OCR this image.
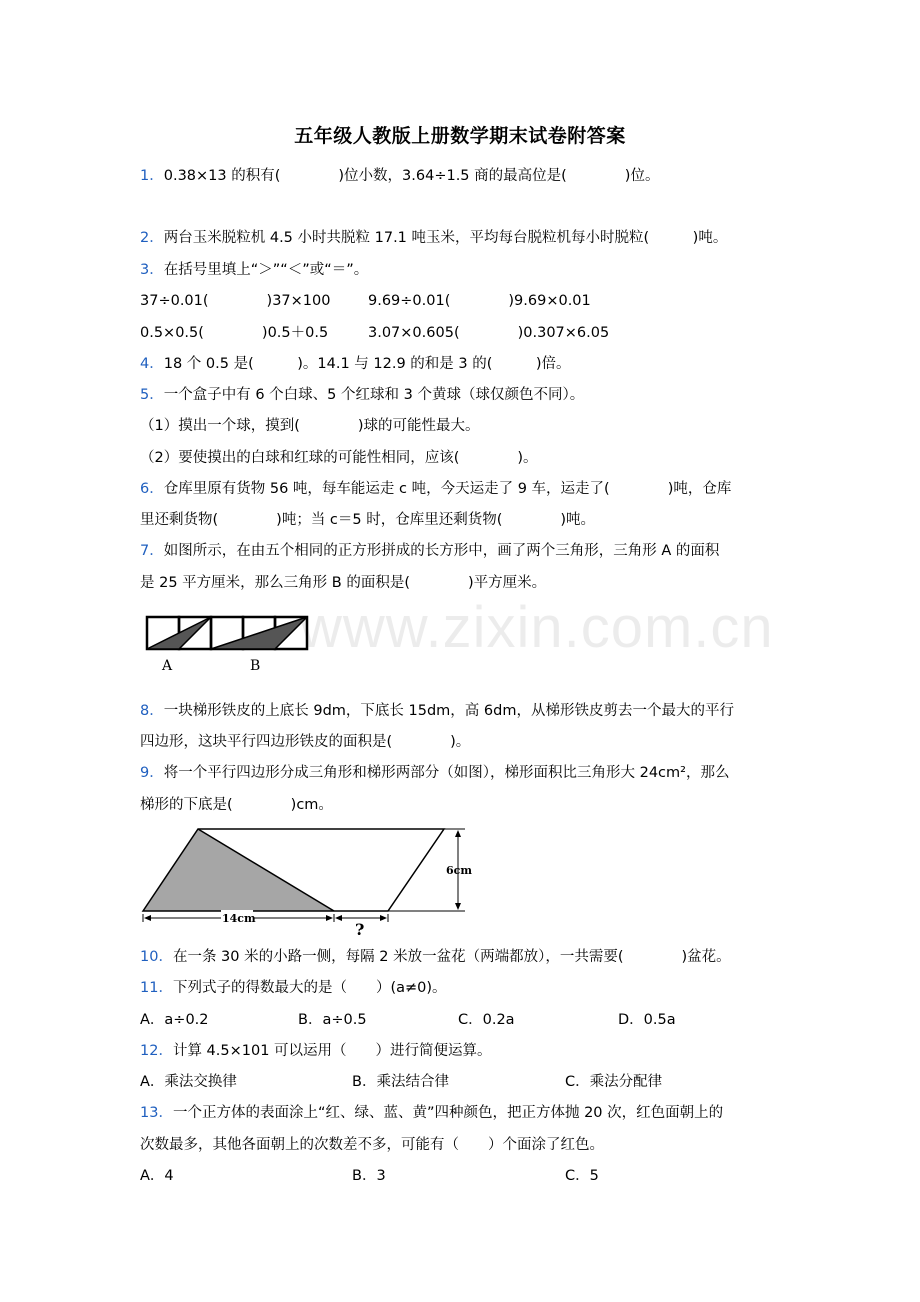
www.zixin.com.cn
五年级人教版上册数学期末试卷附答案
1．0.38×13 的积有(　　　　)位小数，3.64÷1.5 商的最高位是(　　　　)位。
2．两台玉米脱粒机 4.5 小时共脱粒 17.1 吨玉米，平均每台脱粒机每小时脱粒(　　　)吨。
3．在括号里填上“＞”“＜”或“＝”。
37÷0.01(　　　　)37×100	9.69÷0.01(　　　　)9.69×0.01
0.5×0.5(　　　　)0.5＋0.5	3.07×0.605(　　　　)0.307×6.05
4．18 个 0.5 是(　　　)。14.1 与 12.9 的和是 3 的(　　　)倍。
5．一个盒子中有 6 个白球、5 个红球和 3 个黄球（球仅颜色不同）。
（1）摸出一个球，摸到(　　　　)球的可能性最大。
（2）要使摸出的白球和红球的可能性相同，应该(　　　　)。
6．仓库里原有货物 56 吨，每车能运走 c 吨，今天运走了 9 车，运走了(　　　　)吨，仓库
里还剩货物(　　　　)吨；当 c＝5 时，仓库里还剩货物(　　　　)吨。
7．如图所示，在由五个相同的正方形拼成的长方形中，画了两个三角形，三角形 A 的面积
是 25 平方厘米，那么三角形 B 的面积是(　　　　)平方厘米。
A	B
8．一块梯形铁皮的上底长 9dm，下底长 15dm，高 6dm，从梯形铁皮剪去一个最大的平行
四边形，这块平行四边形铁皮的面积是(　　　　)。
9．将一个平行四边形分成三角形和梯形两部分（如图），梯形面积比三角形大 24cm²，那么
梯形的下底是(　　　　)cm。
6cm
14cm
?
10．在一条 30 米的小路一侧，每隔 2 米放一盆花（两端都放），一共需要(　　　　)盆花。
11．下列式子的得数最大的是（　　）(a≠0)。
A．a÷0.2	B．a÷0.5	C．0.2a	D．0.5a
12．计算 4.5×101 可以运用（　　）进行简便运算。
A．乘法交换律	B．乘法结合律	C．乘法分配律
13．一个正方体的表面涂上“红、绿、蓝、黄”四种颜色，把正方体抛 20 次，红色面朝上的
次数最多，其他各面朝上的次数差不多，可能有（　　）个面涂了红色。
A．4	B．3	C．5
